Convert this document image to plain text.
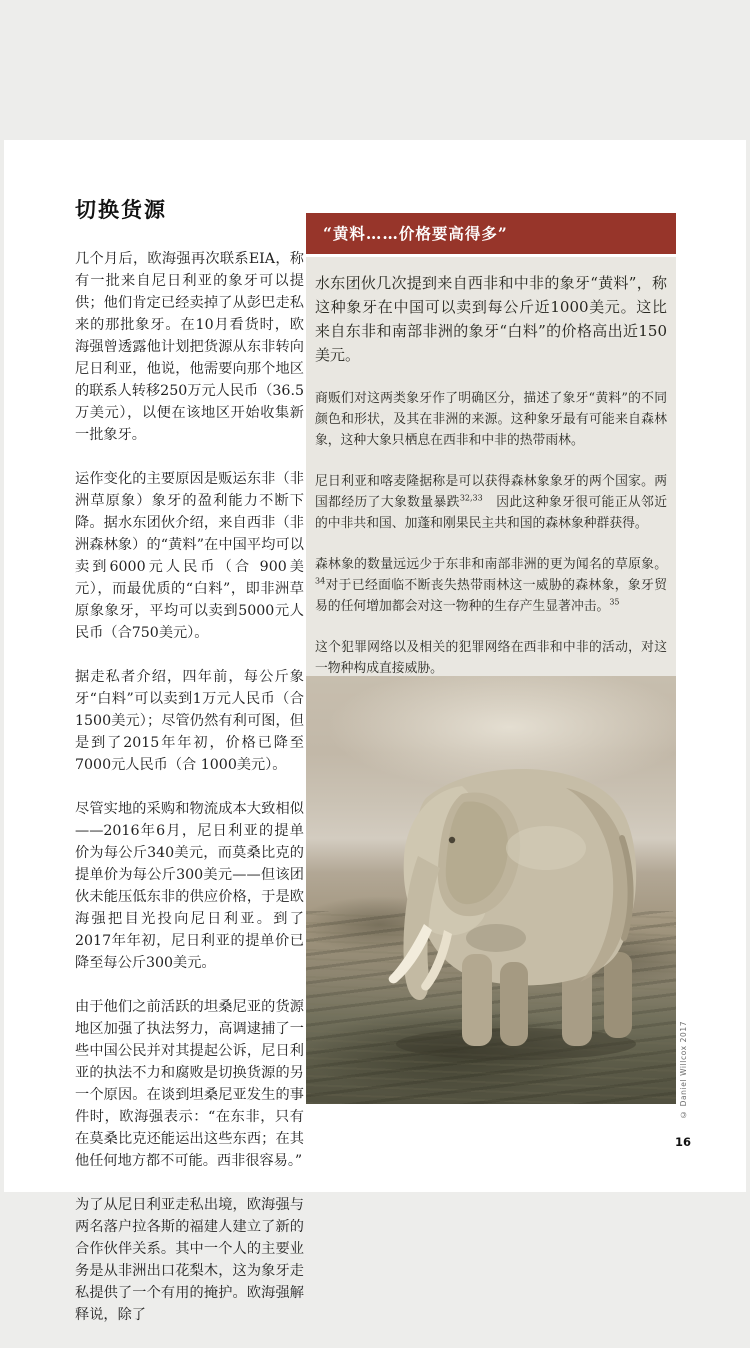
切换货源

几个月后，欧海强再次联系EIA，称有一批来自尼日利亚的象牙可以提供；他们肯定已经卖掉了从彭巴走私来的那批象牙。在10月看货时，欧海强曾透露他计划把货源从东非转向尼日利亚，他说，他需要向那个地区的联系人转移250万元人民币（36.5万美元），以便在该地区开始收集新一批象牙。

运作变化的主要原因是贩运东非（非洲草原象）象牙的盈利能力不断下降。据水东团伙介绍，来自西非（非洲森林象）的“黄料”在中国平均可以卖到6000元人民币（合 900美元），而最优质的“白料”，即非洲草原象象牙，平均可以卖到5000元人民币（合750美元）。

据走私者介绍，四年前，每公斤象牙“白料”可以卖到1万元人民币（合1500美元）；尽管仍然有利可图，但是到了2015年年初，价格已降至7000元人民币（合 1000美元）。

尽管实地的采购和物流成本大致相似——2016年6月，尼日利亚的提单价为每公斤340美元，而莫桑比克的提单价为每公斤300美元——但该团伙未能压低东非的供应价格，于是欧海强把目光投向尼日利亚。到了2017年年初，尼日利亚的提单价已降至每公斤300美元。

由于他们之前活跃的坦桑尼亚的货源地区加强了执法努力，高调逮捕了一些中国公民并对其提起公诉，尼日利亚的执法不力和腐败是切换货源的另一个原因。在谈到坦桑尼亚发生的事件时，欧海强表示：“在东非，只有在莫桑比克还能运出这些东西；在其他任何地方都不可能。西非很容易。”

为了从尼日利亚走私出境，欧海强与两名落户拉各斯的福建人建立了新的合作伙伴关系。其中一个人的主要业务是从非洲出口花梨木，这为象牙走私提供了一个有用的掩护。欧海强解释说，除了

“黄料……价格要高得多”

水东团伙几次提到来自西非和中非的象牙“黄料”，称这种象牙在中国可以卖到每公斤近1000美元。这比来自东非和南部非洲的象牙“白料”的价格高出近150美元。

商贩们对这两类象牙作了明确区分，描述了象牙“黄料”的不同颜色和形状，及其在非洲的来源。这种象牙最有可能来自森林象，这种大象只栖息在西非和中非的热带雨林。

尼日利亚和喀麦隆据称是可以获得森林象象牙的两个国家。两国都经历了大象数量暴跌$^{32,33}$　因此这种象牙很可能正从邻近的中非共和国、加蓬和刚果民主共和国的森林象种群获得。

森林象的数量远远少于东非和南部非洲的更为闻名的草原象。$^{34}$对于已经面临不断丧失热带雨林这一威胁的森林象，象牙贸易的任何增加都会对这一物种的生存产生显著冲击。$^{35}$

这个犯罪网络以及相关的犯罪网络在西非和中非的活动，对这一物种构成直接威胁。

© Daniel Willcox 2017
16
